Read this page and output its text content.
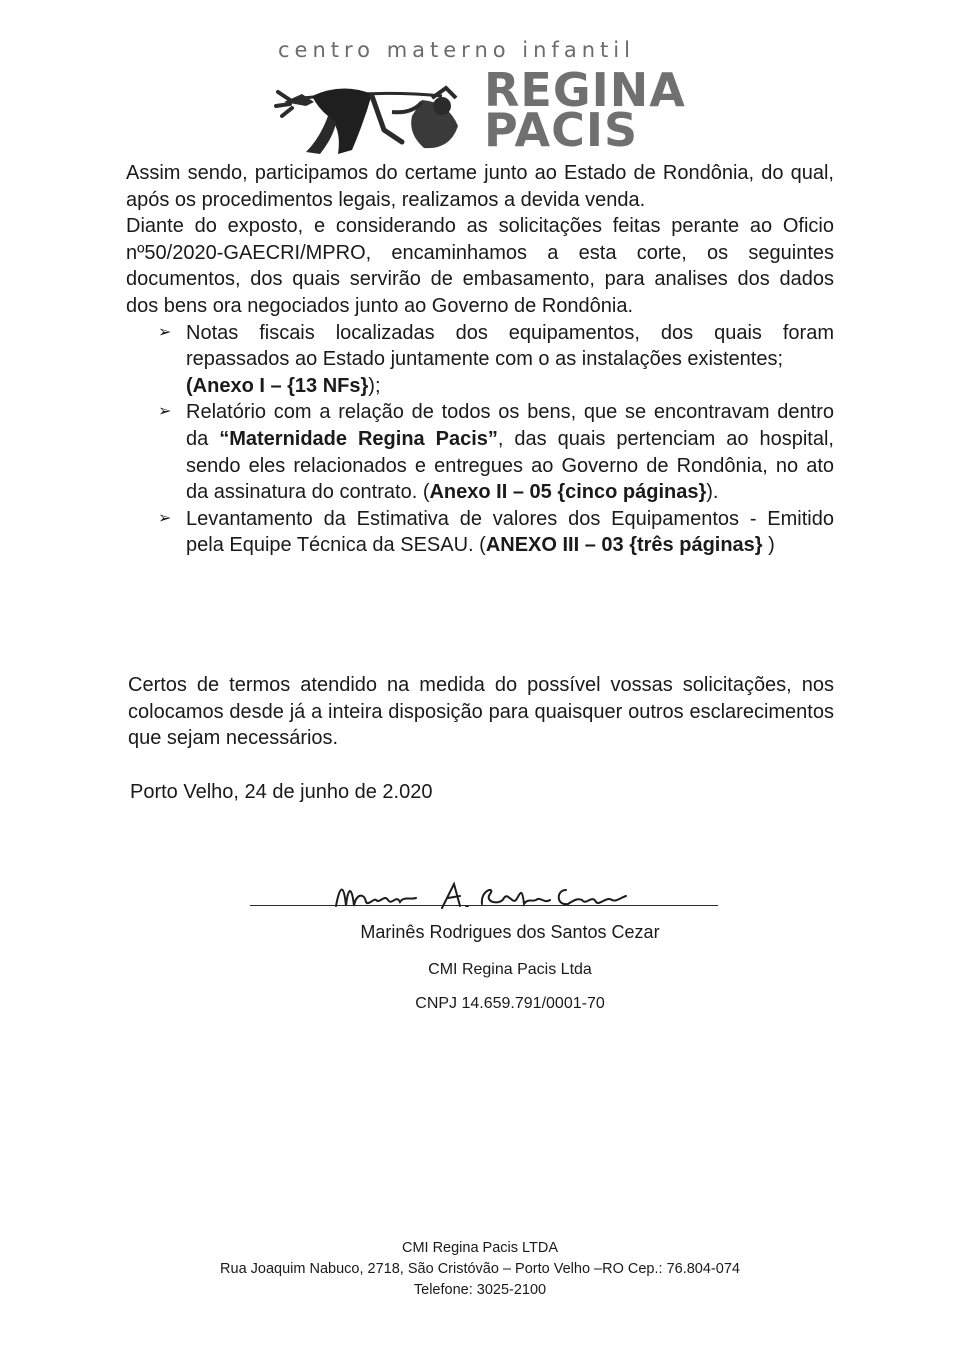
centro materno infantil
REGINA
PACIS

Assim sendo, participamos do certame junto ao Estado de Rondônia, do qual, após os procedimentos legais, realizamos a devida venda.

Diante do exposto, e considerando as solicitações feitas perante ao Oficio nº50/2020-GAECRI/MPRO, encaminhamos a esta corte, os seguintes documentos, dos quais servirão de embasamento, para analises dos dados dos bens ora negociados junto ao Governo de Rondônia.

➢ Notas fiscais localizadas dos equipamentos, dos quais foram repassados ao Estado juntamente com o as instalações existentes;
(Anexo I – {13 NFs});
➢ Relatório com a relação de todos os bens, que se encontravam dentro da “Maternidade Regina Pacis”, das quais pertenciam ao hospital, sendo eles relacionados e entregues ao Governo de Rondônia, no ato da assinatura do contrato. (Anexo II – 05 {cinco páginas}).
➢ Levantamento da Estimativa de valores dos Equipamentos - Emitido pela Equipe Técnica da SESAU. (ANEXO III – 03 {três páginas} )

Certos de termos atendido na medida do possível vossas solicitações, nos colocamos desde já a inteira disposição para quaisquer outros esclarecimentos que sejam necessários.

Porto Velho, 24 de junho de 2.020

Marinês Rodrigues dos Santos Cezar

CMI Regina Pacis Ltda

CNPJ 14.659.791/0001-70

CMI Regina Pacis LTDA

Rua Joaquim Nabuco, 2718, São Cristóvão – Porto Velho –RO Cep.: 76.804-074

Telefone: 3025-2100
